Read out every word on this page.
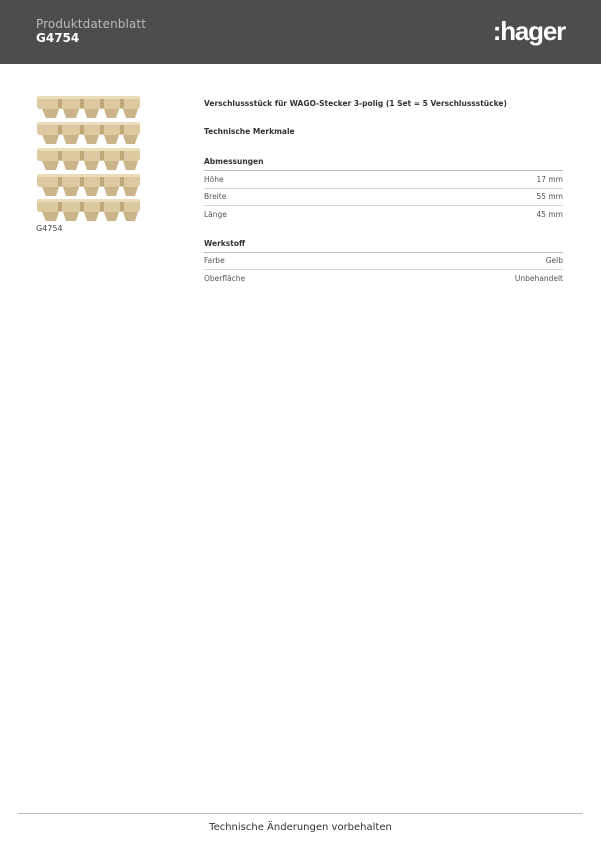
Produktdatenblatt
G4754	:hager
G4754
Verschlussstück für WAGO-Stecker 3-polig (1 Set = 5 Verschlussstücke)
Technische Merkmale
Abmessungen
Höhe	17 mm
Breite	55 mm
Länge	45 mm
Werkstoff
Farbe	Gelb
Oberfläche	Unbehandelt
Technische Änderungen vorbehalten
